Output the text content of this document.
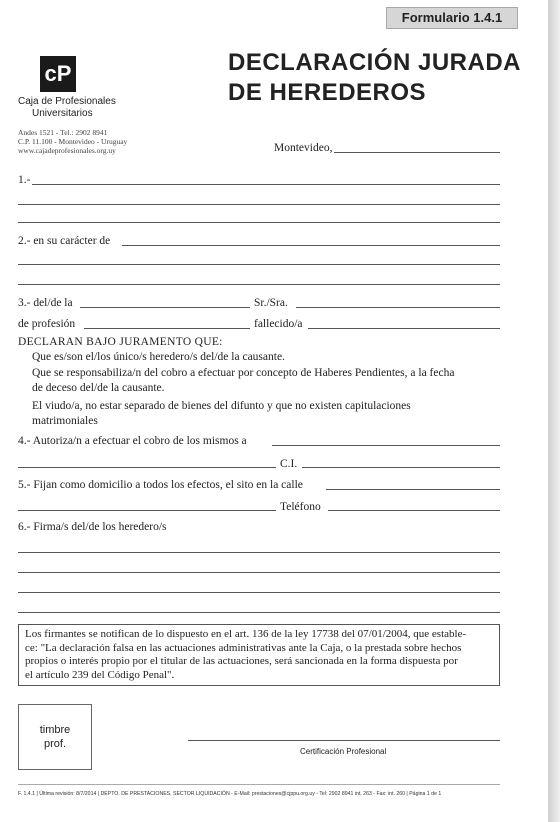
Formulario 1.4.1
cP
Caja de Profesionales
Universitarios
Andes 1521 - Tel.: 2902 8941
C.P. 11.100 - Montevideo - Uruguay
www.cajadeprofesionales.org.uy
DECLARACIÓN JURADA
DE HEREDEROS
Montevideo,
1.-
2.- en su carácter de
3.- del/de la	Sr./Sra.
de profesión	fallecido/a
DECLARAN BAJO JURAMENTO QUE:
Que es/son el/los único/s heredero/s del/de la causante.
Que se responsabiliza/n del cobro a efectuar por concepto de Haberes Pendientes, a la fecha
de deceso del/de la causante.
El viudo/a, no estar separado de bienes del difunto y que no existen capitulaciones
matrimoniales
4.- Autoriza/n a efectuar el cobro de los mismos a
C.I.
5.- Fijan como domicilio a todos los efectos, el sito en la calle
Teléfono
6.- Firma/s del/de los heredero/s
Los firmantes se notifican de lo dispuesto en el art. 136 de la ley 17738 del 07/01/2004, que estable-
ce: "La declaración falsa en las actuaciones administrativas ante la Caja, o la prestada sobre hechos
propios o interés propio por el titular de las actuaciones, será sancionada en la forma dispuesta por
el artículo 239 del Código Penal".
timbre
prof.
Certificación Profesional
F. 1.4.1 | Última revisión: 8/7/2014 | DEPTO. DE PRESTACIONES, SECTOR LIQUIDACIÓN - E-Mail: prestaciones@cjppu.org.uy - Tel: 2902 8941 int. 263 - Fax: int. 260 | Página 1 de 1
